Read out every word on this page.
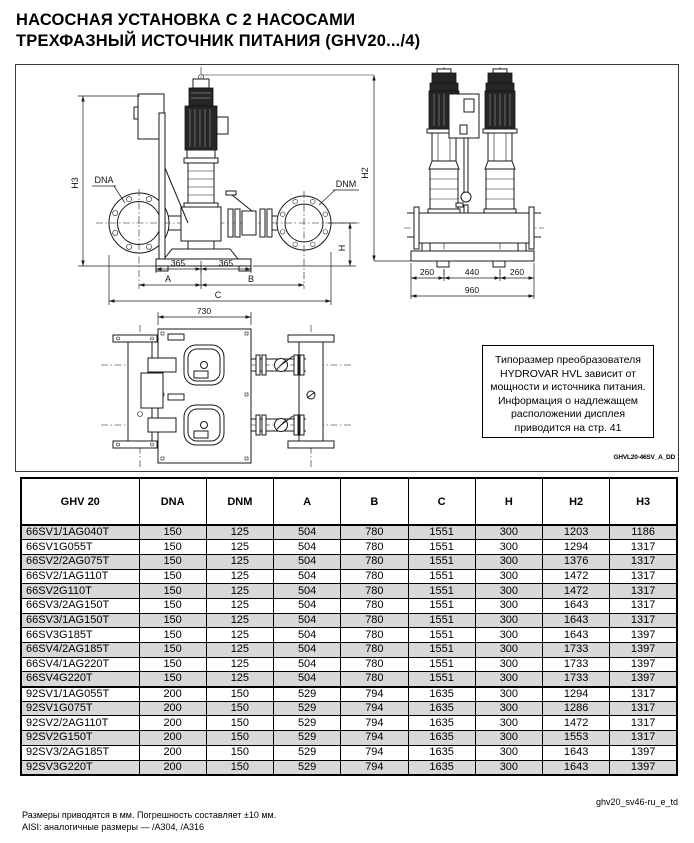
НАСОСНАЯ УСТАНОВКА С 2 НАСОСАМИ
ТРЕХФАЗНЫЙ ИСТОЧНИК ПИТАНИЯ (GHV20.../4)
H3 DNA	DNM
H
365	365
A	B
C
H2
260	440	260
960
730
Типоразмер преобразователя
HYDROVAR HVL зависит от
мощности и источника питания.
Информация о надлежащем
расположении дисплея
приводится на стр. 41
GHVL20-46SV_A_DD
GHV 20	DNA	DNM	A	B	C	H	H2	H3
66SV1/1AG040T	150	125	504	780	1551	300	1203	1186
66SV1G055T	150	125	504	780	1551	300	1294	1317
66SV2/2AG075T	150	125	504	780	1551	300	1376	1317
66SV2/1AG110T	150	125	504	780	1551	300	1472	1317
66SV2G110T	150	125	504	780	1551	300	1472	1317
66SV3/2AG150T	150	125	504	780	1551	300	1643	1317
66SV3/1AG150T	150	125	504	780	1551	300	1643	1317
66SV3G185T	150	125	504	780	1551	300	1643	1397
66SV4/2AG185T	150	125	504	780	1551	300	1733	1397
66SV4/1AG220T	150	125	504	780	1551	300	1733	1397
66SV4G220T	150	125	504	780	1551	300	1733	1397
92SV1/1AG055T	200	150	529	794	1635	300	1294	1317
92SV1G075T	200	150	529	794	1635	300	1286	1317
92SV2/2AG110T	200	150	529	794	1635	300	1472	1317
92SV2G150T	200	150	529	794	1635	300	1553	1317
92SV3/2AG185T	200	150	529	794	1635	300	1643	1397
92SV3G220T	200	150	529	794	1635	300	1643	1397
ghv20_sv46-ru_e_td
Размеры приводятся в мм. Погрешность составляет ±10 мм.
AISI: аналогичные размеры — /A304, /A316
